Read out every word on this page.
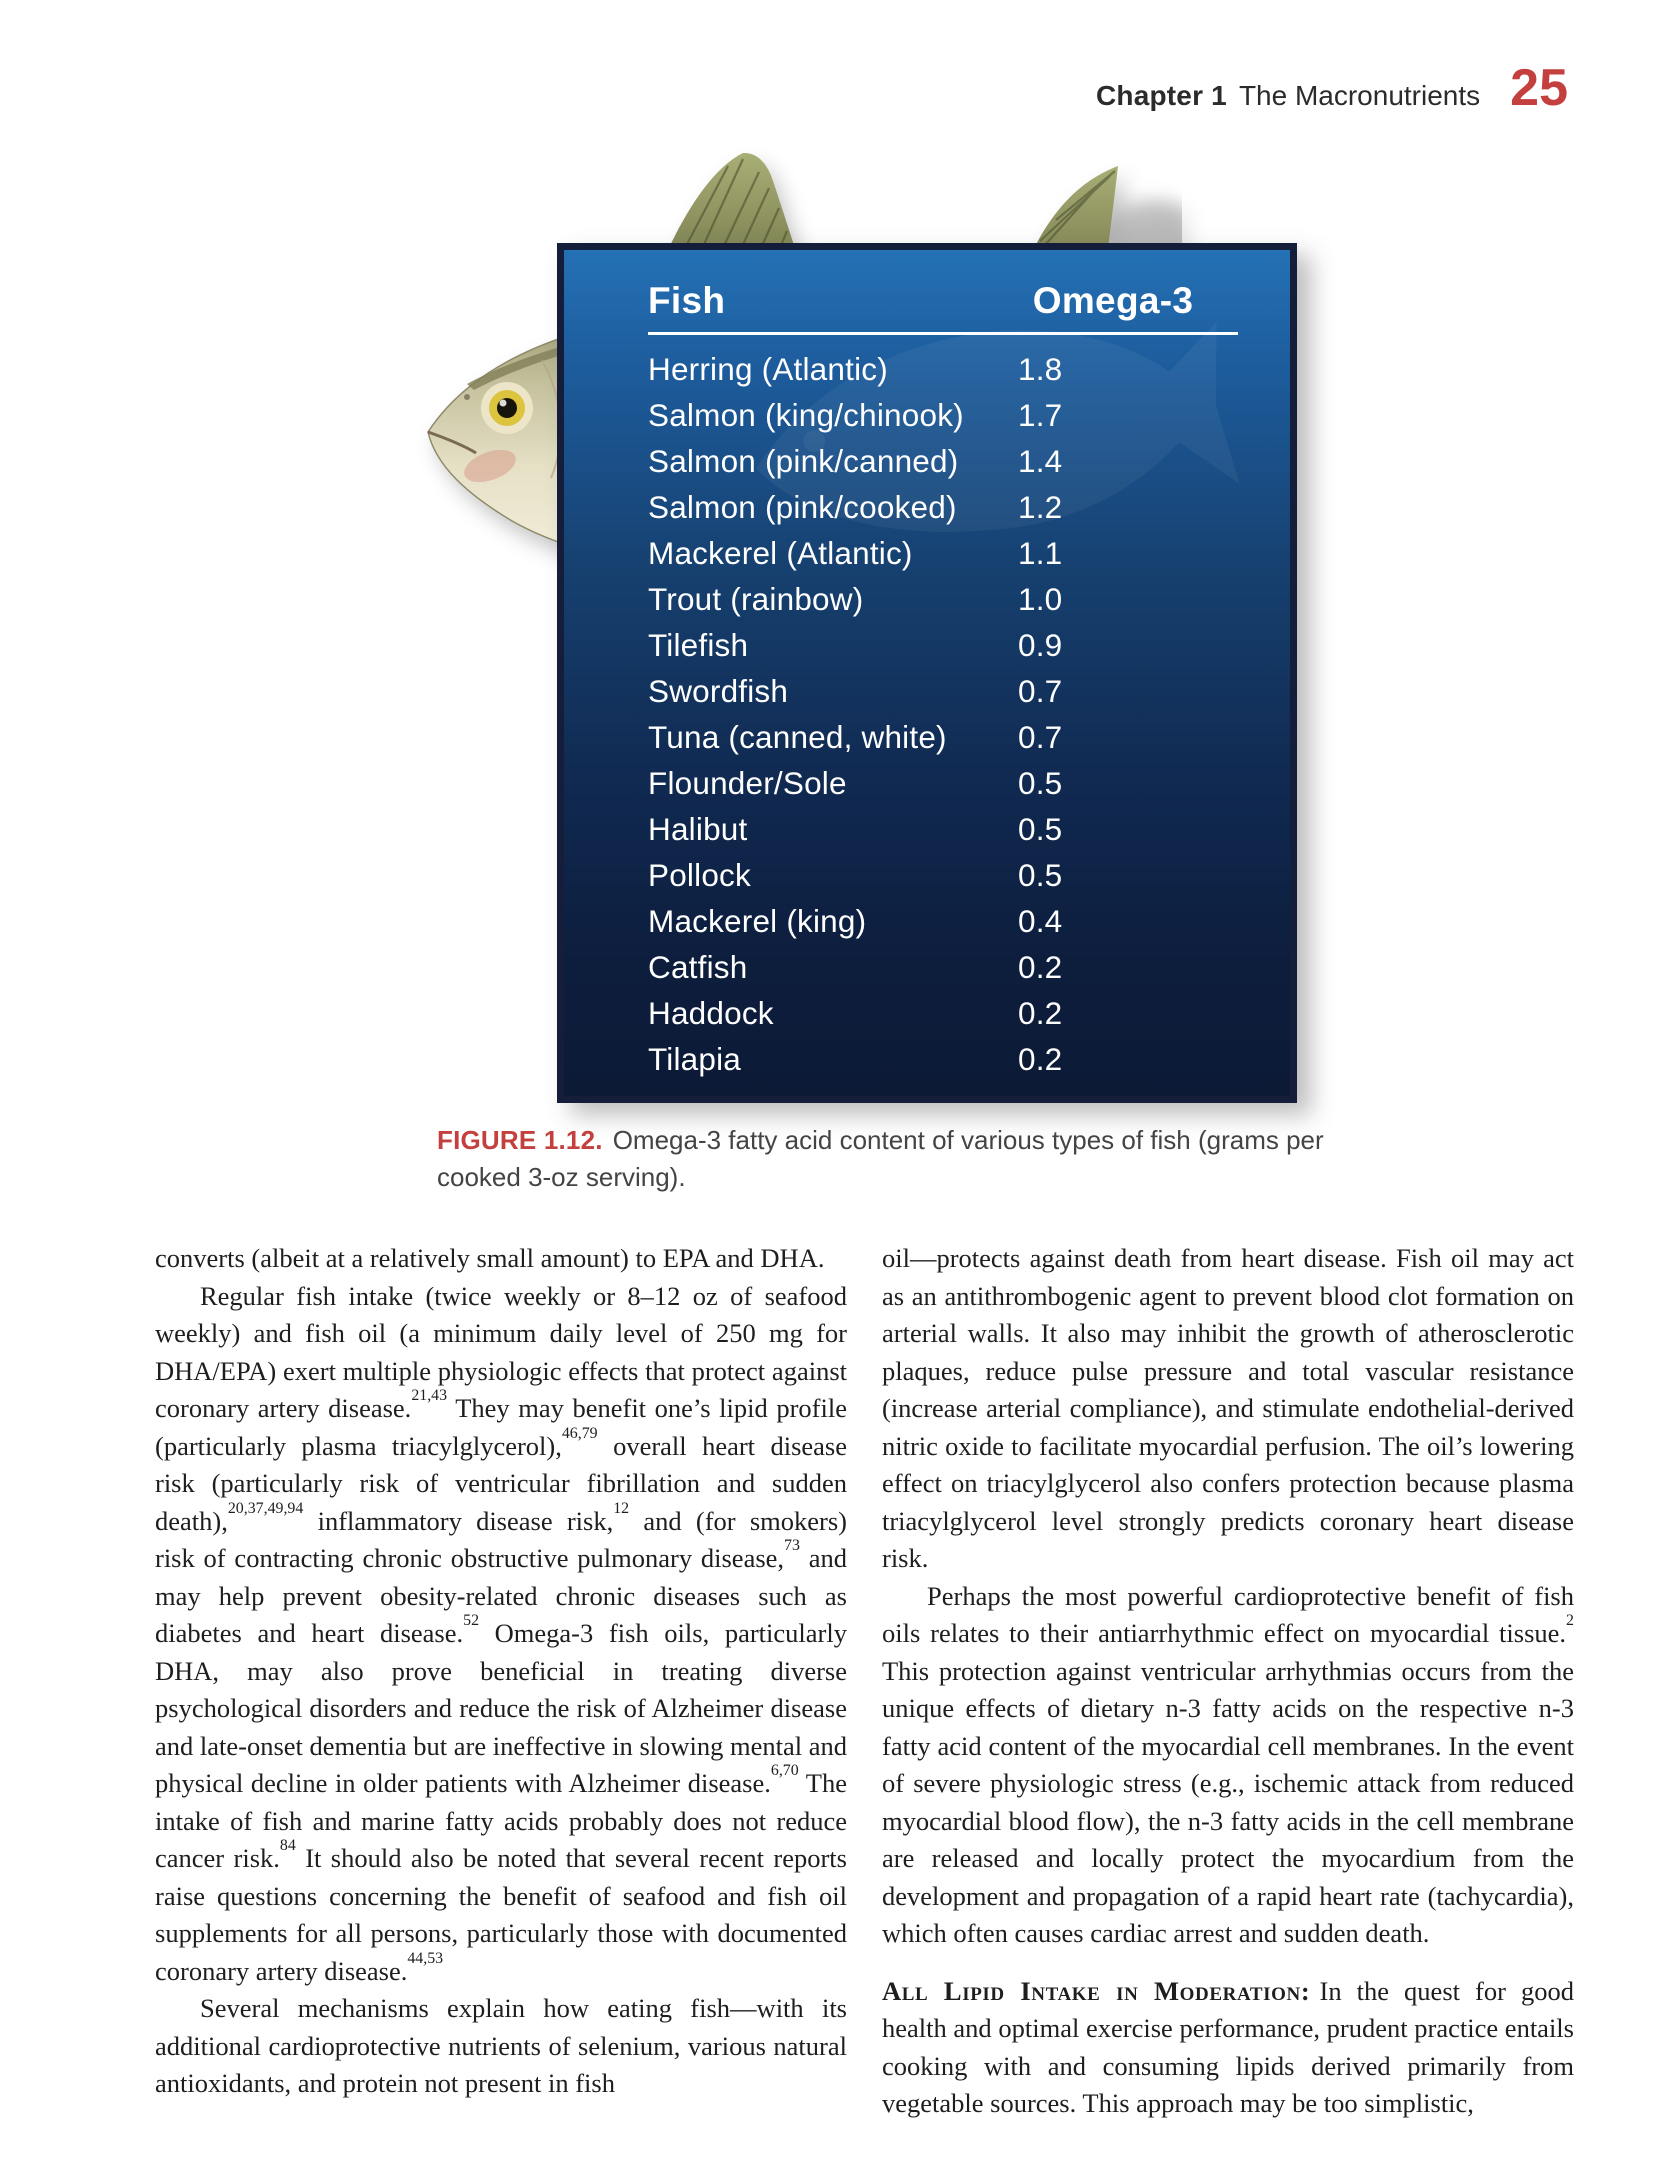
Chapter 1 The Macronutrients 25
Fish	Omega-3
Herring (Atlantic)	1.8
Salmon (king/chinook)	1.7
Salmon (pink/canned)	1.4
Salmon (pink/cooked)	1.2
Mackerel (Atlantic)	1.1
Trout (rainbow)	1.0
Tilefish	0.9
Swordfish	0.7
Tuna (canned, white)	0.7
Flounder/Sole	0.5
Halibut	0.5
Pollock	0.5
Mackerel (king)	0.4
Catfish	0.2
Haddock	0.2
Tilapia	0.2
FIGURE 1.12. Omega-3 fatty acid content of various types of fish (grams per cooked 3-oz serving).

converts (albeit at a relatively small amount) to EPA and DHA.

Regular fish intake (twice weekly or 8–12 oz of seafood weekly) and fish oil (a minimum daily level of 250 mg for DHA/EPA) exert multiple physiologic effects that protect against coronary artery disease.$^{21,43}$ They may benefit one’s lipid profile (particularly plasma triacylglycerol),$^{46,79}$ overall heart disease risk (particularly risk of ventricular fibrillation and sudden death),$^{20,37,49,94}$ inflammatory disease risk,$^{12}$ and (for smokers) risk of contracting chronic obstructive pulmonary disease,$^{73}$ and may help prevent obesity-related chronic diseases such as diabetes and heart disease.$^{52}$ Omega-3 fish oils, particularly DHA, may also prove beneficial in treating diverse psychological disorders and reduce the risk of Alzheimer disease and late-onset dementia but are ineffective in slowing mental and physical decline in older patients with Alzheimer disease.$^{6,70}$ The intake of fish and marine fatty acids probably does not reduce cancer risk.$^{84}$ It should also be noted that several recent reports raise questions concerning the benefit of seafood and fish oil supplements for all persons, particularly those with documented coronary artery disease.$^{44,53}$

Several mechanisms explain how eating fish—with its additional cardioprotective nutrients of selenium, various natural antioxidants, and protein not present in fish

oil—protects against death from heart disease. Fish oil may act as an antithrombogenic agent to prevent blood clot formation on arterial walls. It also may inhibit the growth of atherosclerotic plaques, reduce pulse pressure and total vascular resistance (increase arterial compliance), and stimulate endothelial-derived nitric oxide to facilitate myocardial perfusion. The oil’s lowering effect on triacylglycerol also confers protection because plasma triacylglycerol level strongly predicts coronary heart disease risk.

Perhaps the most powerful cardioprotective benefit of fish oils relates to their antiarrhythmic effect on myocardial tissue.$^2$ This protection against ventricular arrhythmias occurs from the unique effects of dietary n-3 fatty acids on the respective n-3 fatty acid content of the myocardial cell membranes. In the event of severe physiologic stress (e.g., ischemic attack from reduced myocardial blood flow), the n-3 fatty acids in the cell membrane are released and locally protect the myocardium from the development and propagation of a rapid heart rate (tachycardia), which often causes cardiac arrest and sudden death.

All Lipid Intake in Moderation: In the quest for good health and optimal exercise performance, prudent practice entails cooking with and consuming lipids derived primarily from vegetable sources. This approach may be too simplistic,
